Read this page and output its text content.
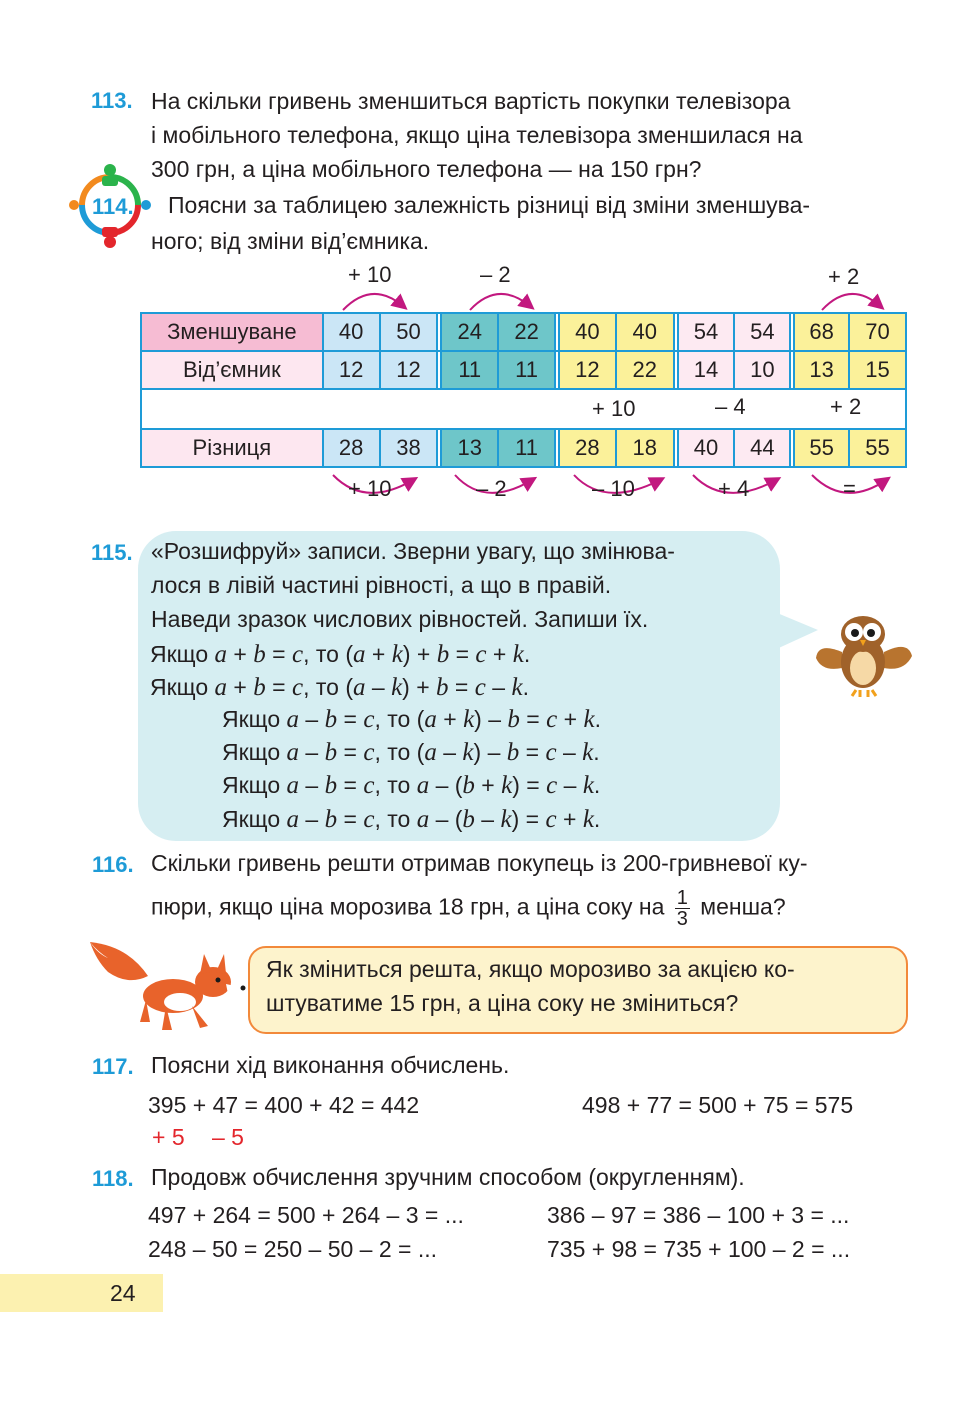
113. На скільки гривень зменшиться вартість покупки телевізора
і мобільного телефона, якщо ціна телевізора зменшилася на
300 грн, а ціна мобільного телефона — на 150 грн?
114. Поясни за таблицею залежність різниці від зміни зменшува-
ного; від зміни від’ємника.
+ 10	– 2	+ 2
Зменшуване	40	50		24	22		40	40		54	54		68	70
Від’ємник	12	12		11	11		12	22		14	10		13	15

Різниця	28	38		13	11		28	18		40	44		55	55
+ 10	– 4	+ 2
+ 10	– 2	– 10	+ 4	=
115. «Розшифруй» записи. Зверни увагу, що змінюва-
лося в лівій частині рівності, а що в правій.
Наведи зразок числових рівностей. Запиши їх.
Якщо a + b = c, то (a + k) + b = c + k.
Якщо a + b = c, то (a – k) + b = c – k.
Якщо a – b = c, то (a + k) – b = c + k.
Якщо a – b = c, то (a – k) – b = c – k.
Якщо a – b = c, то a – (b + k) = c – k.
Якщо a – b = c, то a – (b – k) = c + k.
116. Скільки гривень решти отримав покупець із 200-гривневої ку-
пюри, якщо ціна морозива 18 грн, а ціна соку на $\frac{1}{3}$ менша?
Як зміниться решта, якщо морозиво за акцією ко-
штуватиме 15 грн, а ціна соку не зміниться?
117. Поясни хід виконання обчислень.
395 + 47 = 400 + 42 = 442	498 + 77 = 500 + 75 = 575
+ 5 – 5
118. Продовж обчислення зручним способом (округленням).
497 + 264 = 500 + 264 – 3 = ...	386 – 97 = 386 – 100 + 3 = ...
248 – 50 = 250 – 50 – 2 = ...	735 + 98 = 735 + 100 – 2 = ...
24
